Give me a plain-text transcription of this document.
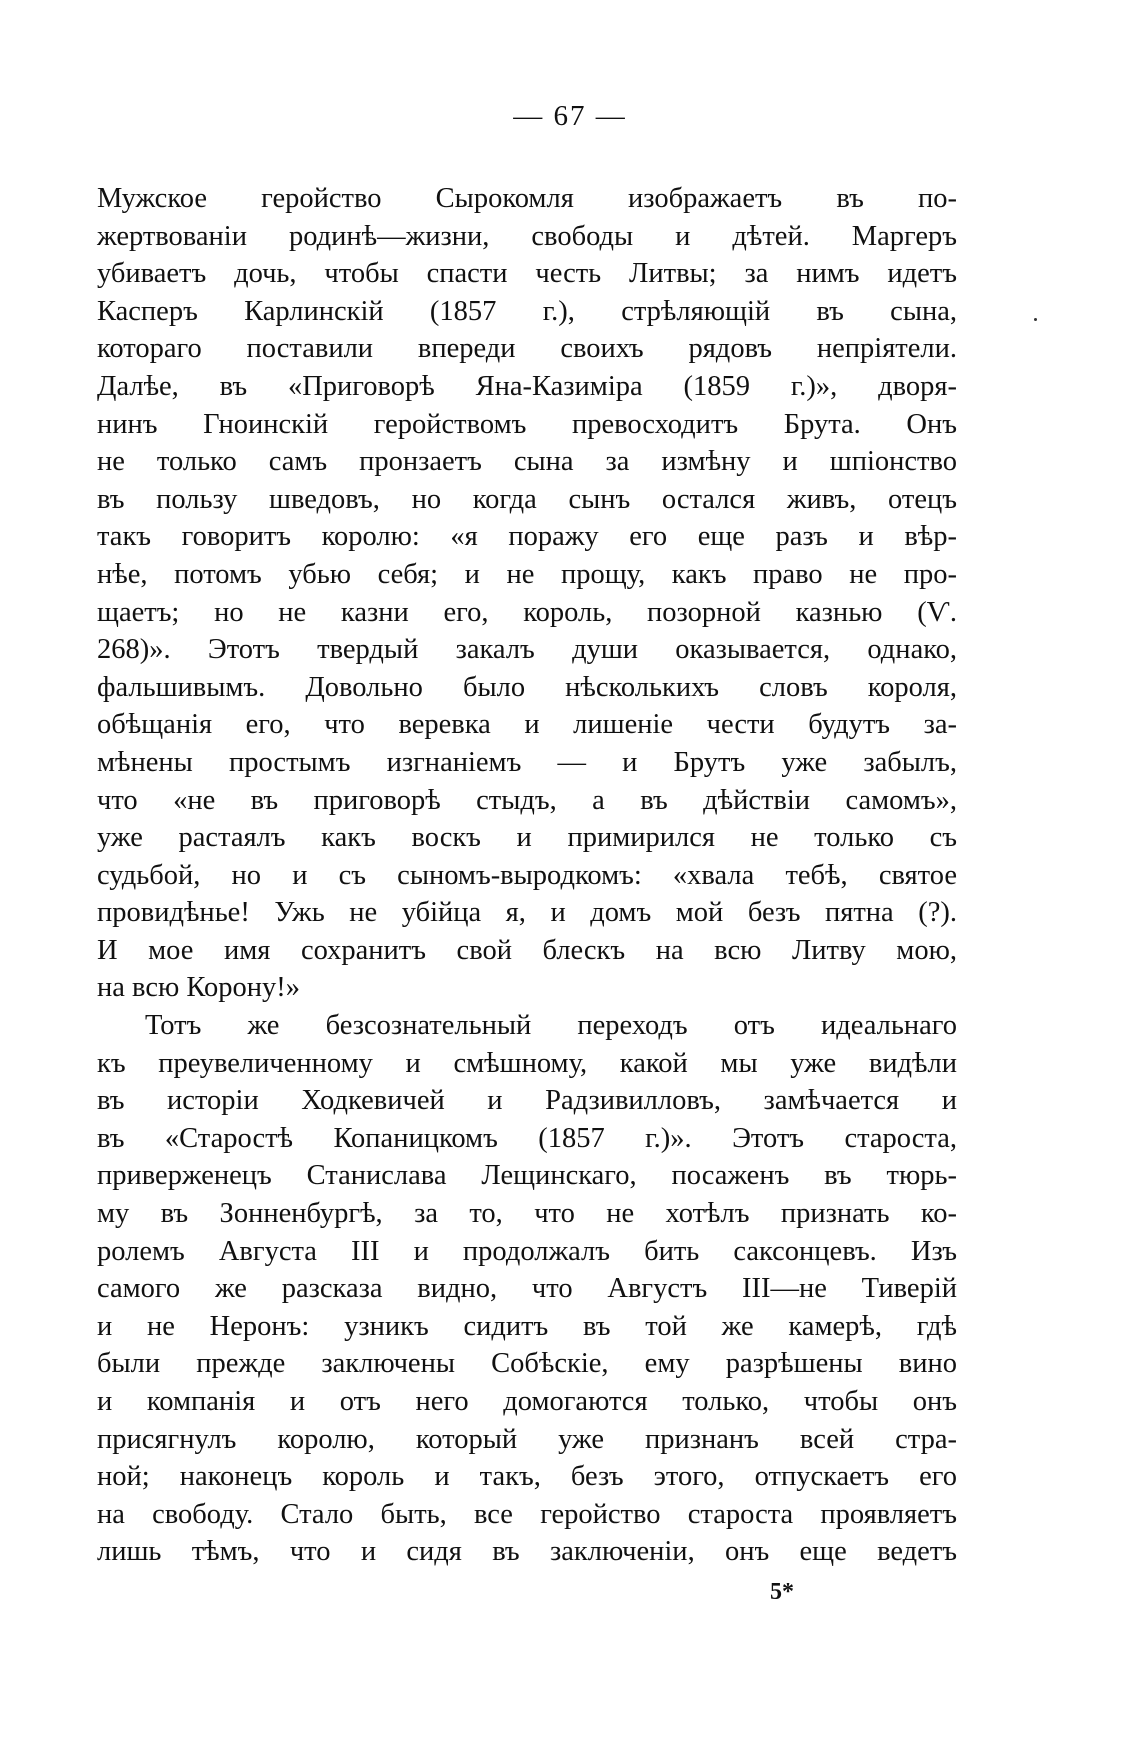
— 67 —
Мужское геройство Сырокомля изображаетъ въ по-
жертвованіи родинѣ—жизни, свободы и дѣтей. Маргеръ
убиваетъ дочь, чтобы спасти честь Литвы; за нимъ идетъ
Касперъ Карлинскій (1857 г.), стрѣляющій въ сына,
котораго поставили впереди своихъ рядовъ непріятели.
Далѣе, въ «Приговорѣ Яна-Казиміра (1859 г.)», дворя-
нинъ Гноинскій геройствомъ превосходитъ Брута. Онъ
не только самъ пронзаетъ сына за измѣну и шпіонство
въ пользу шведовъ, но когда сынъ остался живъ, отецъ
такъ говоритъ королю: «я поражу его еще разъ и вѣр-
нѣе, потомъ убью себя; и не прощу, какъ право не про-
щаетъ; но не казни его, король, позорной казнью (Ѵ.
268)». Этотъ твердый закалъ души оказывается, однако,
фальшивымъ. Довольно было нѣсколькихъ словъ короля,
обѣщанія его, что веревка и лишеніе чести будутъ за-
мѣнены простымъ изгнаніемъ — и Брутъ уже забылъ,
что «не въ приговорѣ стыдъ, а въ дѣйствіи самомъ»,
уже растаялъ какъ воскъ и примирился не только съ
судьбой, но и съ сыномъ-выродкомъ: «хвала тебѣ, святое
провидѣнье! Ужь не убійца я, и домъ мой безъ пятна (?).
И мое имя сохранитъ свой блескъ на всю Литву мою,
на всю Корону!»
Тотъ же безсознательный переходъ отъ идеальнаго
къ преувеличенному и смѣшному, какой мы уже видѣли
въ исторіи Ходкевичей и Радзивилловъ, замѣчается и
въ «Старостѣ Копаницкомъ (1857 г.)». Этотъ староста,
приверженецъ Станислава Лещинскаго, посаженъ въ тюрь-
му въ Зонненбургѣ, за то, что не хотѣлъ признать ко-
ролемъ Августа III и продолжалъ бить саксонцевъ. Изъ
самого же разсказа видно, что Августъ III—не Тиверій
и не Неронъ: узникъ сидитъ въ той же камерѣ, гдѣ
были прежде заключены Собѣскіе, ему разрѣшены вино
и компанія и отъ него домогаются только, чтобы онъ
присягнулъ королю, который уже признанъ всей стра-
ной; наконецъ король и такъ, безъ этого, отпускаетъ его
на свободу. Стало быть, все геройство староста проявляетъ
лишь тѣмъ, что и сидя въ заключеніи, онъ еще ведетъ
5*
